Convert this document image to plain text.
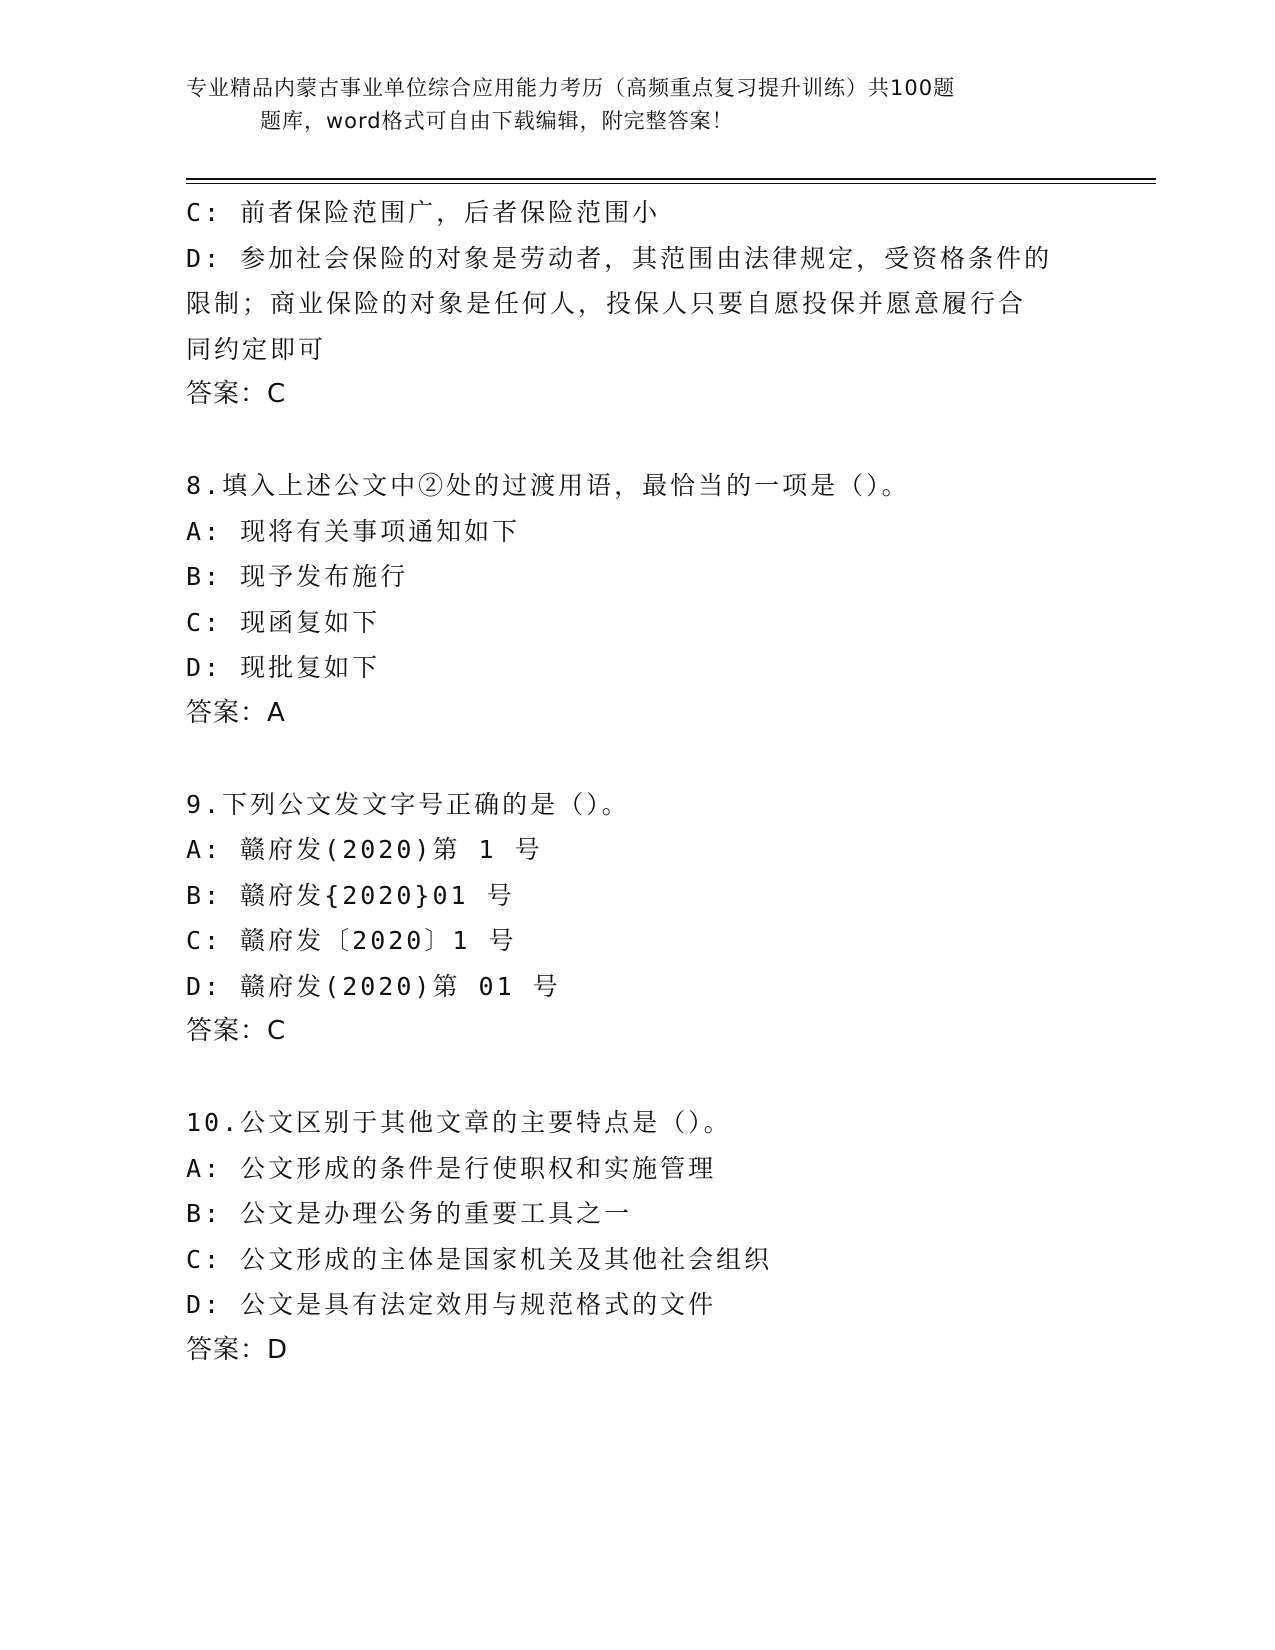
专业精品内蒙古事业单位综合应用能力考历（高频重点复习提升训练）共100题
题库，word格式可自由下载编辑，附完整答案！
C: 前者保险范围广，后者保险范围小
D: 参加社会保险的对象是劳动者，其范围由法律规定，受资格条件的
限制；商业保险的对象是任何人，投保人只要自愿投保并愿意履行合
同约定即可
答案：C
8.填入上述公文中②处的过渡用语，最恰当的一项是（）。
A: 现将有关事项通知如下
B: 现予发布施行
C: 现函复如下
D: 现批复如下
答案：A
9.下列公文发文字号正确的是（）。
A: 赣府发(2020)第 1 号
B: 赣府发{2020}01 号
C: 赣府发〔2020〕1 号
D: 赣府发(2020)第 01 号
答案：C
10.公文区别于其他文章的主要特点是（）。
A: 公文形成的条件是行使职权和实施管理
B: 公文是办理公务的重要工具之一
C: 公文形成的主体是国家机关及其他社会组织
D: 公文是具有法定效用与规范格式的文件
答案：D
